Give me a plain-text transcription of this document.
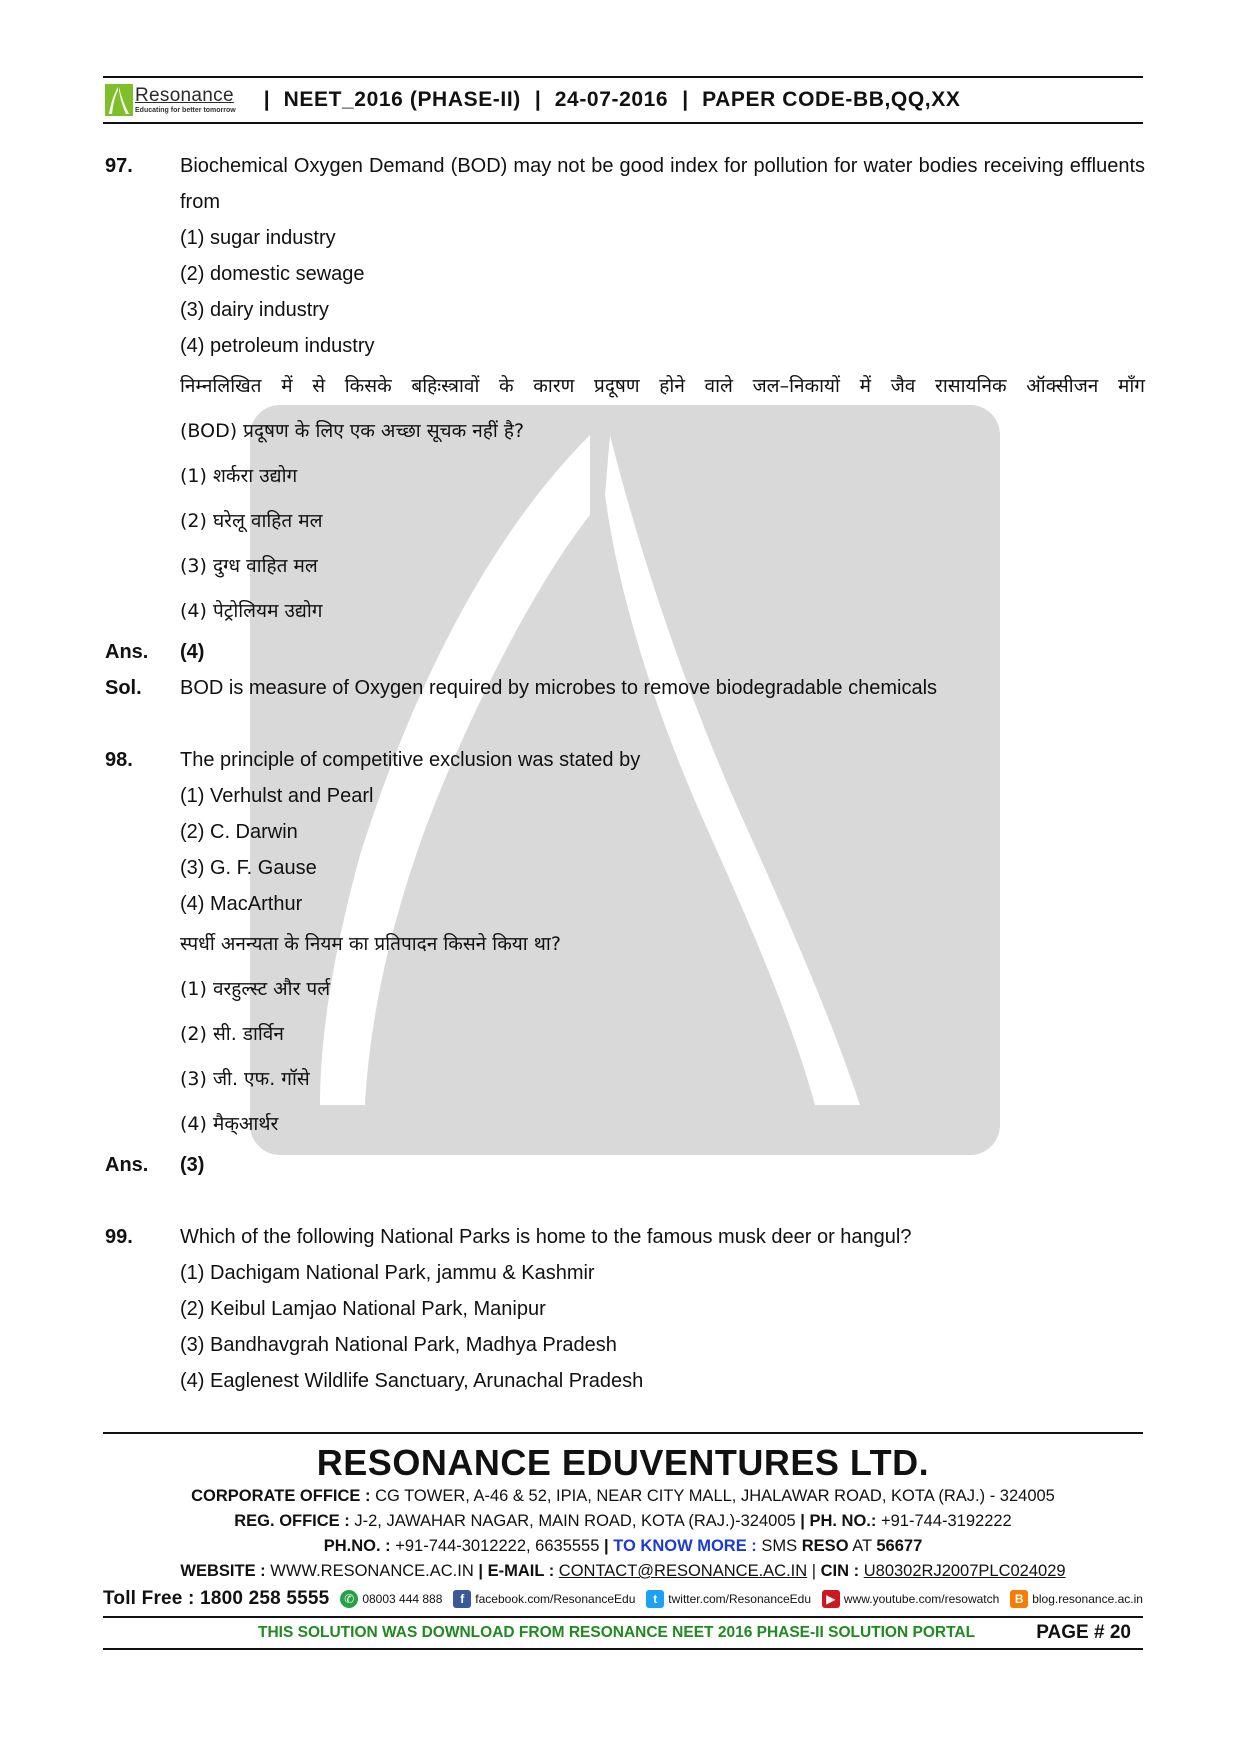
Resonance
Educating for better tomorrow | NEET_2016 (PHASE-II) | 24-07-2016 | PAPER CODE-BB,QQ,XX
97.	Biochemical Oxygen Demand (BOD) may not be good index for pollution for water bodies receiving effluents from
(1) sugar industry
(2) domestic sewage
(3) dairy industry
(4) petroleum industry
निम्नलिखित में से किसके बहिःस्त्रावों के कारण प्रदूषण होने वाले जल–निकायों में जैव रासायनिक ऑक्सीजन माँग
(BOD) प्रदूषण के लिए एक अच्छा सूचक नहीं है?
(1) शर्करा उद्योग
(2) घरेलू वाहित मल
(3) दुग्ध वाहित मल
(4) पेट्रोलियम उद्योग
Ans.	(4)
Sol.	BOD is measure of Oxygen required by microbes to remove biodegradable chemicals
98.	The principle of competitive exclusion was stated by
(1) Verhulst and Pearl
(2) C. Darwin
(3) G. F. Gause
(4) MacArthur
स्पर्धी अनन्यता के नियम का प्रतिपादन किसने किया था?
(1) वरहुल्स्ट और पर्ल
(2) सी. डार्विन
(3) जी. एफ. गॉसे
(4) मैक्आर्थर
Ans.	(3)
99.	Which of the following National Parks is home to the famous musk deer or hangul?
(1) Dachigam National Park, jammu & Kashmir
(2) Keibul Lamjao National Park, Manipur
(3) Bandhavgrah National Park, Madhya Pradesh
(4) Eaglenest Wildlife Sanctuary, Arunachal Pradesh
RESONANCE EDUVENTURES LTD.
CORPORATE OFFICE : CG TOWER, A-46 & 52, IPIA, NEAR CITY MALL, JHALAWAR ROAD, KOTA (RAJ.) - 324005
REG. OFFICE : J-2, JAWAHAR NAGAR, MAIN ROAD, KOTA (RAJ.)-324005 | PH. NO.: +91-744-3192222
PH.NO. : +91-744-3012222, 6635555 | TO KNOW MORE : SMS RESO AT 56677
WEBSITE : WWW.RESONANCE.AC.IN | E-MAIL : CONTACT@RESONANCE.AC.IN | CIN : U80302RJ2007PLC024029
Toll Free : 1800 258 5555	✆ 08003 444 888	f facebook.com/ResonanceEdu	t twitter.com/ResonanceEdu	▶ www.youtube.com/resowatch	B blog.resonance.ac.in
THIS SOLUTION WAS DOWNLOAD FROM RESONANCE NEET 2016 PHASE-II SOLUTION PORTAL	PAGE # 20
